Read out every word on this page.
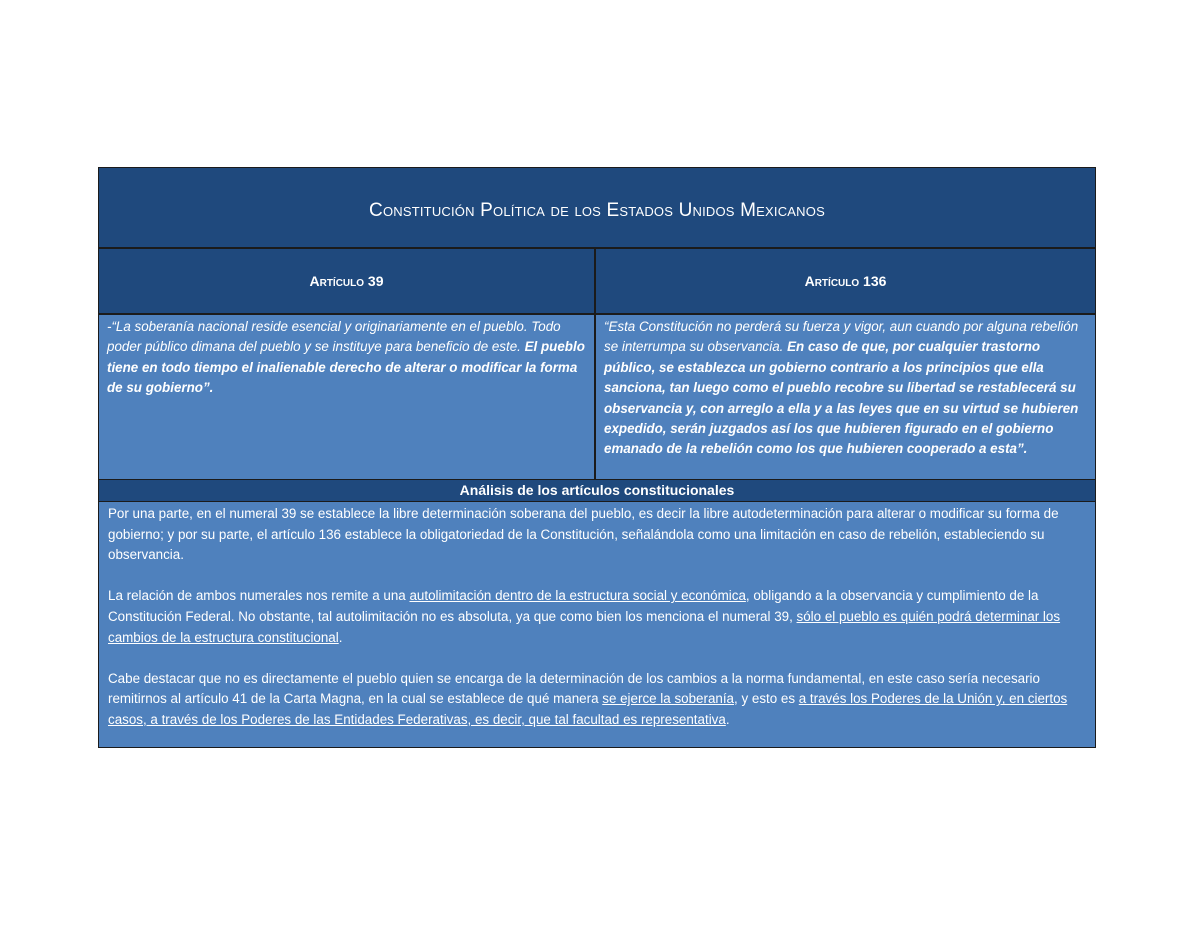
Constitución Política de los Estados Unidos Mexicanos
Artículo 39	Artículo 136
-“La soberanía nacional reside esencial y originariamente en el pueblo. Todo poder público dimana del pueblo y se instituye para beneficio de este. El pueblo tiene en todo tiempo el inalienable derecho de alterar o modificar la forma de su gobierno”.
“Esta Constitución no perderá su fuerza y vigor, aun cuando por alguna rebelión se interrumpa su observancia. En caso de que, por cualquier trastorno público, se establezca un gobierno contrario a los principios que ella sanciona, tan luego como el pueblo recobre su libertad se restablecerá su observancia y, con arreglo a ella y a las leyes que en su virtud se hubieren expedido, serán juzgados así los que hubieren figurado en el gobierno emanado de la rebelión como los que hubieren cooperado a esta”.
Análisis de los artículos constitucionales

Por una parte, en el numeral 39 se establece la libre determinación soberana del pueblo, es decir la libre autodeterminación para alterar o modificar su forma de gobierno; y por su parte, el artículo 136 establece la obligatoriedad de la Constitución, señalándola como una limitación en caso de rebelión, estableciendo su observancia.

La relación de ambos numerales nos remite a una autolimitación dentro de la estructura social y económica, obligando a la observancia y cumplimiento de la Constitución Federal. No obstante, tal autolimitación no es absoluta, ya que como bien los menciona el numeral 39, sólo el pueblo es quién podrá determinar los cambios de la estructura constitucional.

Cabe destacar que no es directamente el pueblo quien se encarga de la determinación de los cambios a la norma fundamental, en este caso sería necesario remitirnos al artículo 41 de la Carta Magna, en la cual se establece de qué manera se ejerce la soberanía, y esto es a través los Poderes de la Unión y, en ciertos casos, a través de los Poderes de las Entidades Federativas, es decir, que tal facultad es representativa.
